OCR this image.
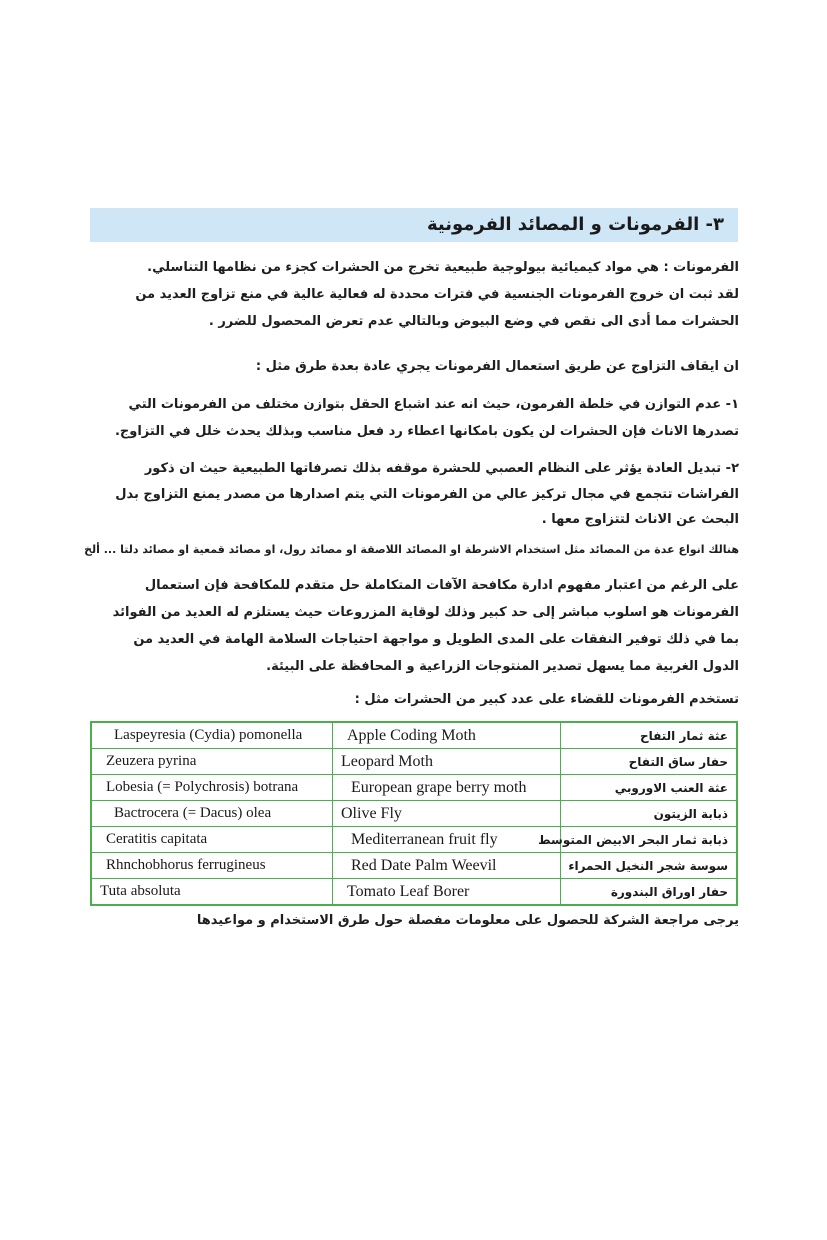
٣- الفرمونات و المصائد الفرمونية
الفرمونات : هي مواد كيميائية بيولوجية طبيعية تخرج من الحشرات كجزء من نظامها التناسلي.
لقد ثبت ان خروج الفرمونات الجنسية في فترات محددة له فعالية عالية في منع تزاوج العديد من
الحشرات مما أدى الى نقص في وضع البيوض وبالتالي عدم تعرض المحصول للضرر .
ان ايقاف التزاوج عن طريق استعمال الفرمونات يجري عادة بعدة طرق مثل :
١- عدم التوازن في خلطة الفرمون، حيث انه عند اشباع الحقل بتوازن مختلف من الفرمونات التي
تصدرها الاناث فإن الحشرات لن يكون بامكانها اعطاء رد فعل مناسب وبذلك يحدث خلل في التزاوج.
٢- تبديل العادة يؤثر على النظام العصبي للحشرة موقفه بذلك تصرفاتها الطبيعية حيث ان ذكور
الفراشات تتجمع في مجال تركيز عالي من الفرمونات التي يتم اصدارها من مصدر يمنع التزاوج بدل
البحث عن الاناث لتتزاوج معها .
هنالك انواع عدة من المصائد مثل استخدام الاشرطة او المصائد اللاصقة او مصائد رول، او مصائد قمعية او مصائد دلتا ... ألخ
على الرغم من اعتبار مفهوم ادارة مكافحة الآفات المتكاملة حل متقدم للمكافحة فإن استعمال
الفرمونات هو اسلوب مباشر إلى حد كبير وذلك لوقاية المزروعات حيث يستلزم له العديد من الفوائد
بما في ذلك توفير النفقات على المدى الطويل و مواجهة احتياجات السلامة الهامة في العديد من
الدول الغربية مما يسهل تصدير المنتوجات الزراعية و المحافظة على البيئة.
تستخدم الفرمونات للقضاء على عدد كبير من الحشرات مثل :
Laspeyresia (Cydia) pomonella	Apple Coding Moth	عثة ثمار التفاح
Zeuzera pyrina	Leopard Moth	حفار ساق التفاح
Lobesia (= Polychrosis) botrana	European grape berry moth	عثة العنب الاوروبي
Bactrocera (= Dacus) olea	Olive Fly	ذبابة الزيتون
Ceratitis capitata	Mediterranean fruit fly	ذبابة ثمار البحر الابيض المتوسط
Rhnchobhorus ferrugineus	Red Date Palm Weevil	سوسة شجر النخيل الحمراء
Tuta absoluta	Tomato Leaf Borer	حفار اوراق البندورة
يرجى مراجعة الشركة للحصول على معلومات مفصلة حول طرق الاستخدام و مواعيدها
